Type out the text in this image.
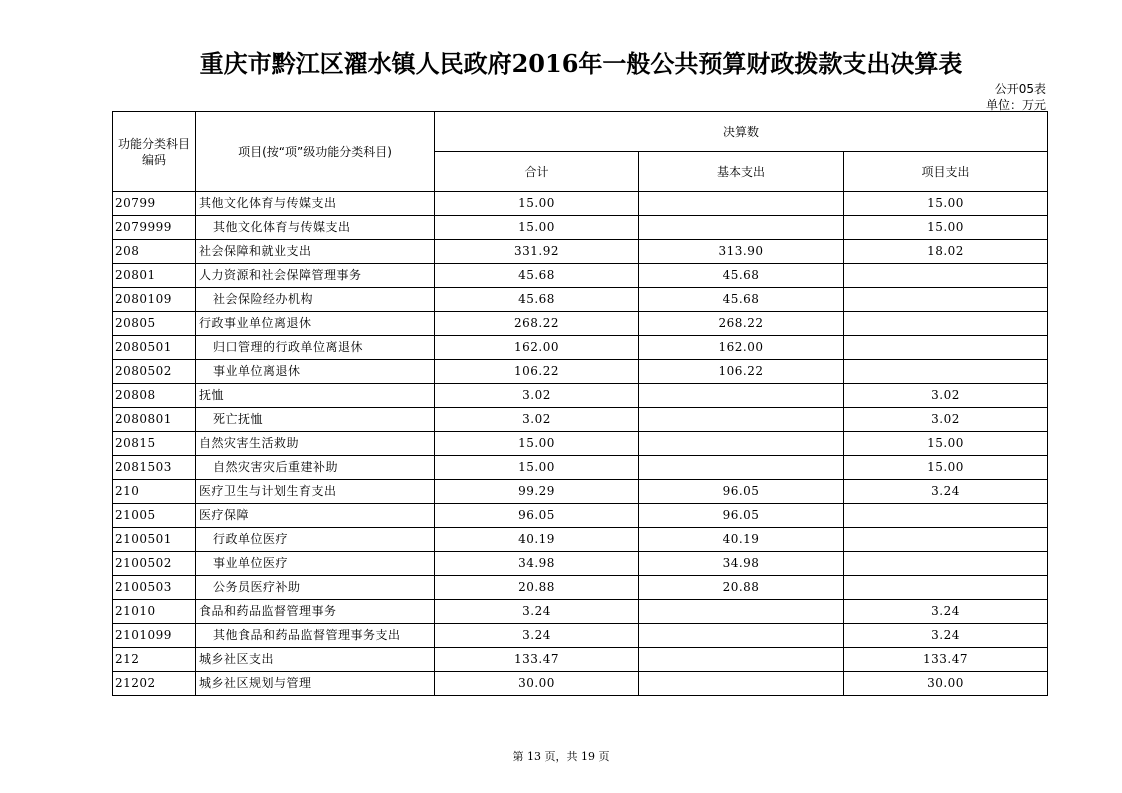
重庆市黔江区濯水镇人民政府2016年一般公共预算财政拨款支出决算表
公开05表
单位：万元
功能分类科目编码	项目(按“项”级功能分类科目)	决算数		
		合计	基本支出	项目支出
20799	其他文化体育与传媒支出	15.00		15.00
2079999	其他文化体育与传媒支出	15.00		15.00
208	社会保障和就业支出	331.92	313.90	18.02
20801	人力资源和社会保障管理事务	45.68	45.68	
2080109	社会保险经办机构	45.68	45.68	
20805	行政事业单位离退休	268.22	268.22	
2080501	归口管理的行政单位离退休	162.00	162.00	
2080502	事业单位离退休	106.22	106.22	
20808	抚恤	3.02		3.02
2080801	死亡抚恤	3.02		3.02
20815	自然灾害生活救助	15.00		15.00
2081503	自然灾害灾后重建补助	15.00		15.00
210	医疗卫生与计划生育支出	99.29	96.05	3.24
21005	医疗保障	96.05	96.05	
2100501	行政单位医疗	40.19	40.19	
2100502	事业单位医疗	34.98	34.98	
2100503	公务员医疗补助	20.88	20.88	
21010	食品和药品监督管理事务	3.24		3.24
2101099	其他食品和药品监督管理事务支出	3.24		3.24
212	城乡社区支出	133.47		133.47
21202	城乡社区规划与管理	30.00		30.00
第 13 页，共 19 页
